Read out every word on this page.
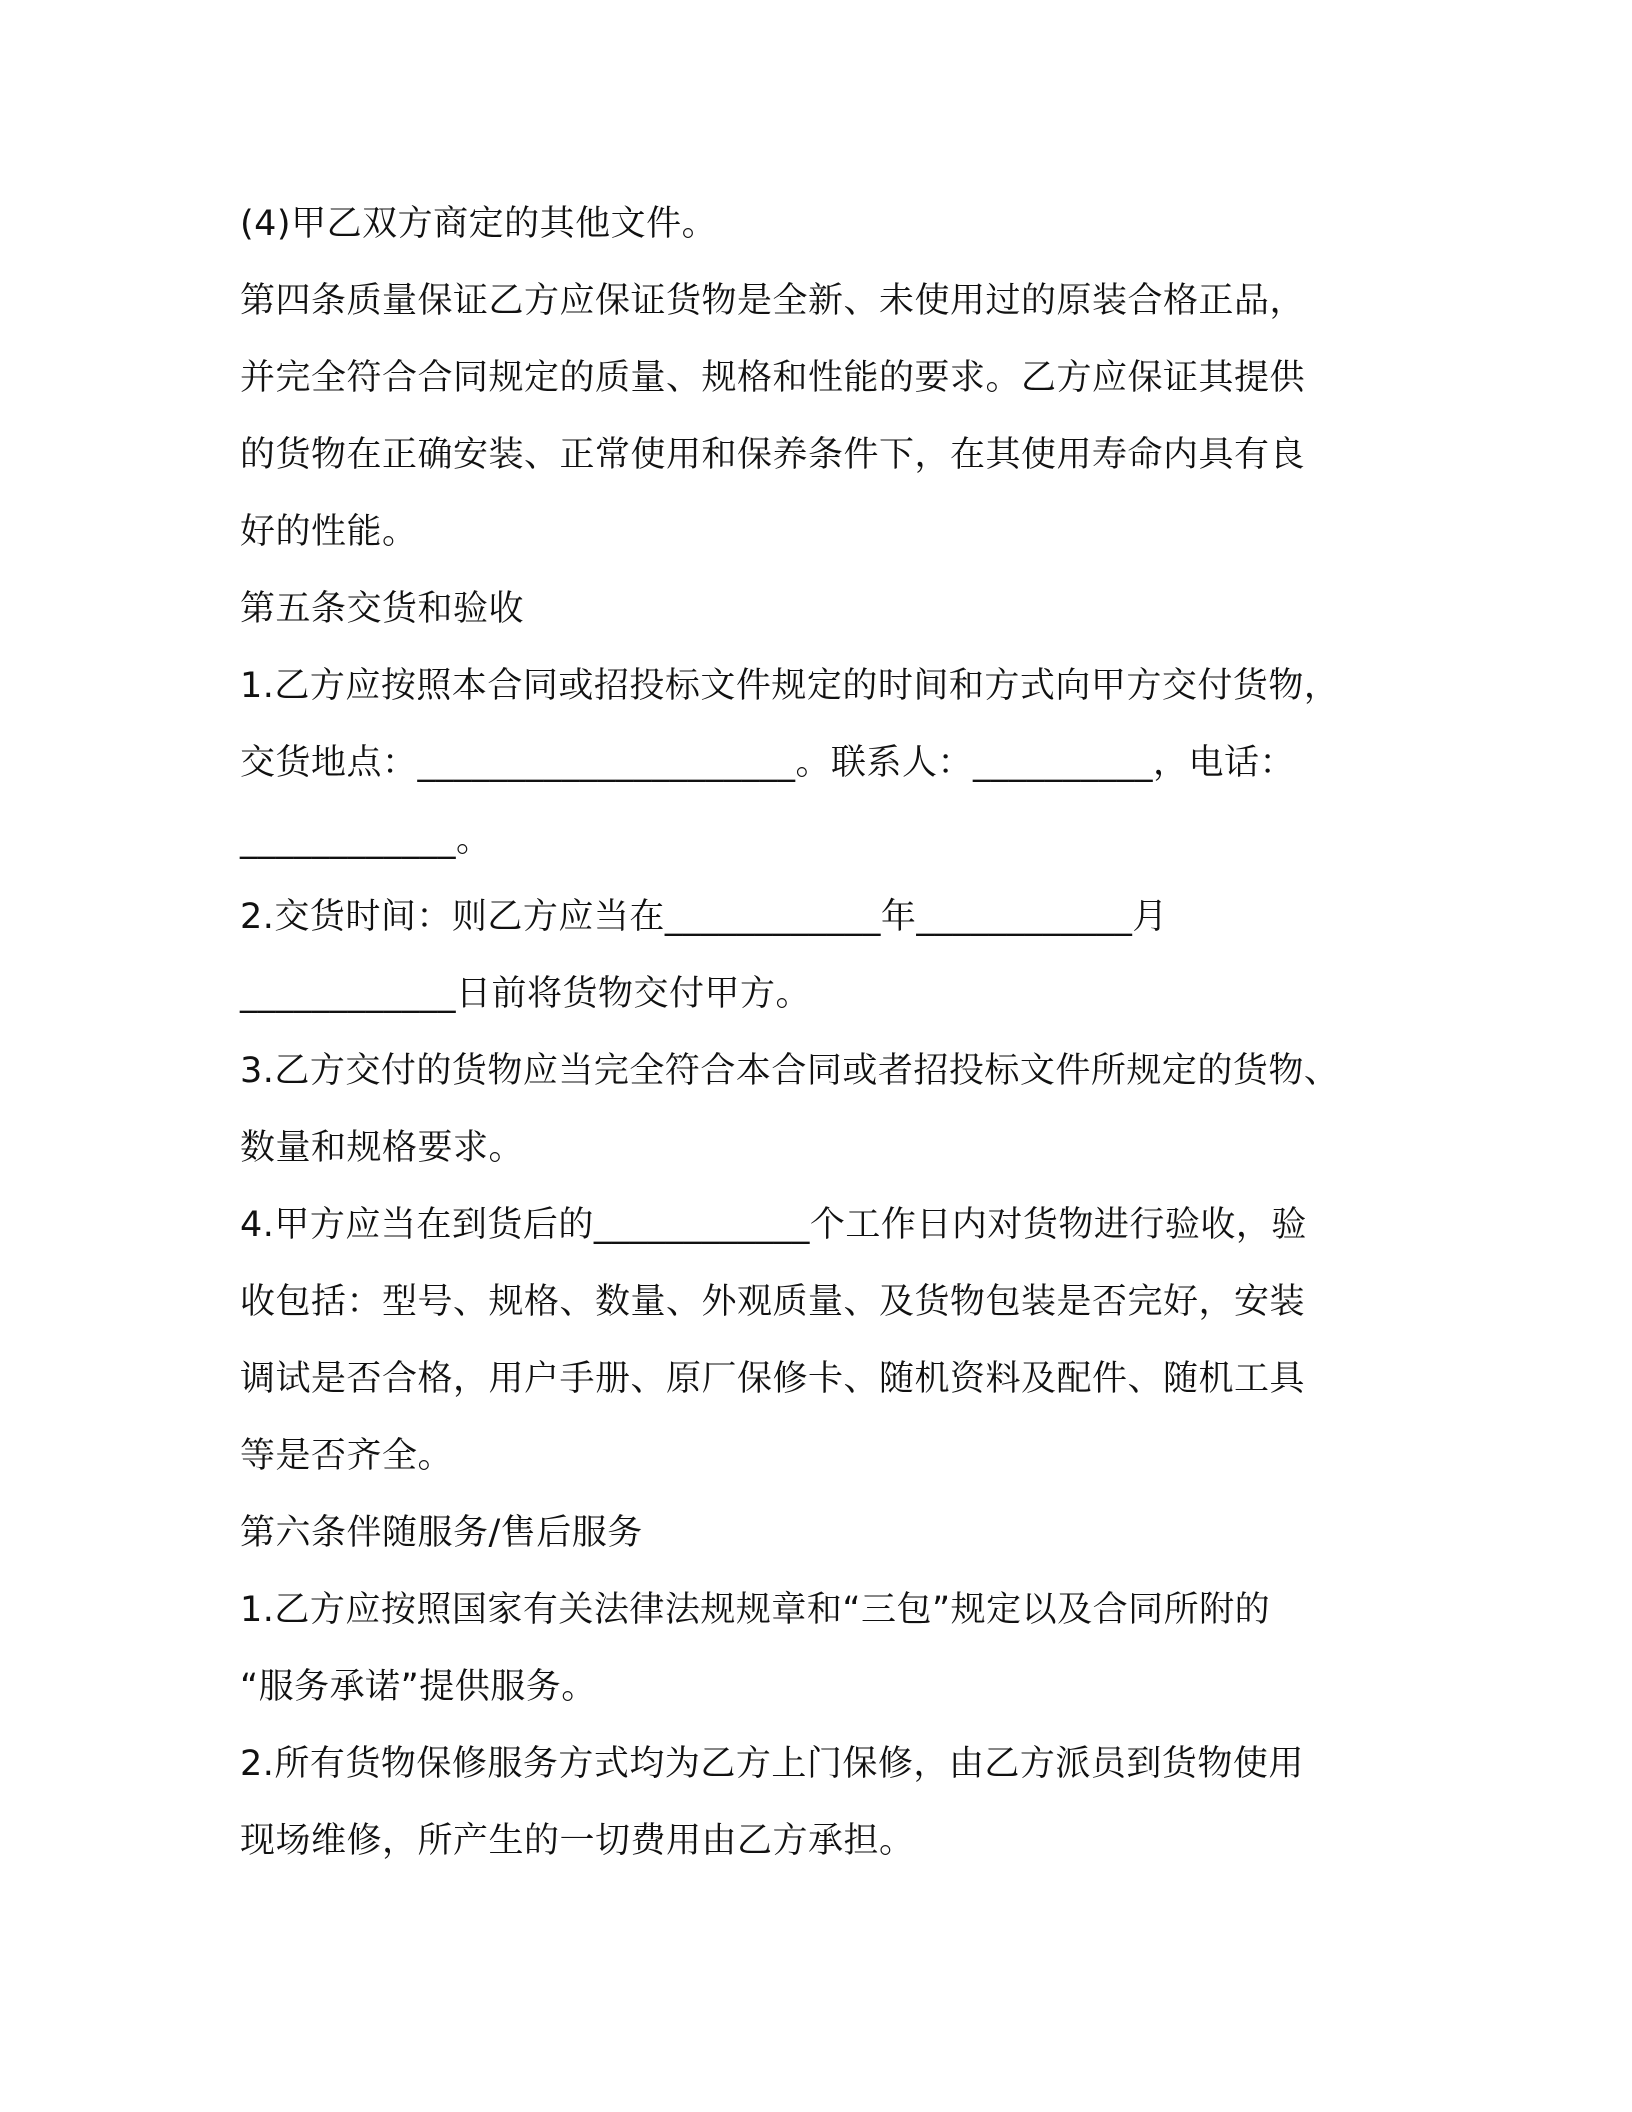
(4)甲乙双方商定的其他文件。
第四条质量保证乙方应保证货物是全新、未使用过的原装合格正品，
并完全符合合同规定的质量、规格和性能的要求。乙方应保证其提供
的货物在正确安装、正常使用和保养条件下，在其使用寿命内具有良
好的性能。
第五条交货和验收
1.乙方应按照本合同或招投标文件规定的时间和方式向甲方交付货物，
交货地点：_____________________。联系人：__________，电话：
____________。
2.交货时间：则乙方应当在____________年____________月
____________日前将货物交付甲方。
3.乙方交付的货物应当完全符合本合同或者招投标文件所规定的货物、
数量和规格要求。
4.甲方应当在到货后的____________个工作日内对货物进行验收，验
收包括：型号、规格、数量、外观质量、及货物包装是否完好，安装
调试是否合格，用户手册、原厂保修卡、随机资料及配件、随机工具
等是否齐全。
第六条伴随服务/售后服务
1.乙方应按照国家有关法律法规规章和“三包”规定以及合同所附的
“服务承诺”提供服务。
2.所有货物保修服务方式均为乙方上门保修，由乙方派员到货物使用
现场维修，所产生的一切费用由乙方承担。
